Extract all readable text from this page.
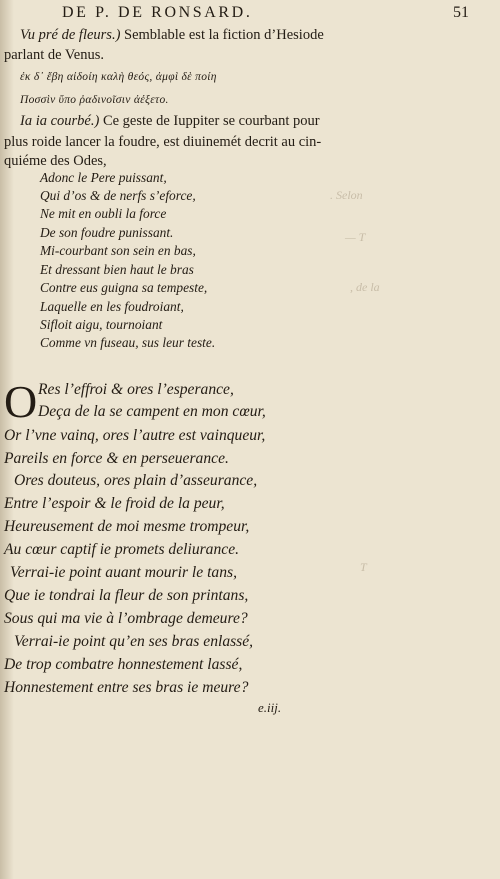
DE P. DE RONSARD.	51
Vu pré de fleurs.) Semblable est la fiction d’Hesiode
parlant de Venus.
ἐκ δ᾽ ἔβη αἰδοίη καλὴ θεός, ἀμφὶ δὲ ποίη
Ποσσὶν ὕπο ῥαδινοῖσιν ἀέξετο.
Ia ia courbé.) Ce geste de Iuppiter se courbant pour
plus roide lancer la foudre, est diuinemét decrit au cin-
quiéme des Odes,
Adonc le Pere puissant,
Qui d’os & de nerfs s’eforce,
Ne mit en oubli la force
De son foudre punissant.
Mi-courbant son sein en bas,
Et dressant bien haut le bras
Contre eus guigna sa tempeste,
Laquelle en les foudroiant,
Sifloit aigu, tournoiant
Comme vn fuseau, sus leur teste.
. Selon
— T
, de la
T
O Res l’effroi & ores l’esperance,
Deça de la se campent en mon cœur,
Or l’vne vainq, ores l’autre est vainqueur,
Pareils en force & en perseuerance.
Ores douteus, ores plain d’asseurance,
Entre l’espoir & le froid de la peur,
Heureusement de moi mesme trompeur,
Au cœur captif ie promets deliurance.
Verrai-ie point auant mourir le tans,
Que ie tondrai la fleur de son printans,
Sous qui ma vie à l’ombrage demeure?
Verrai-ie point qu’en ses bras enlassé,
De trop combatre honnestement lassé,
Honnestement entre ses bras ie meure?
e.iij.
